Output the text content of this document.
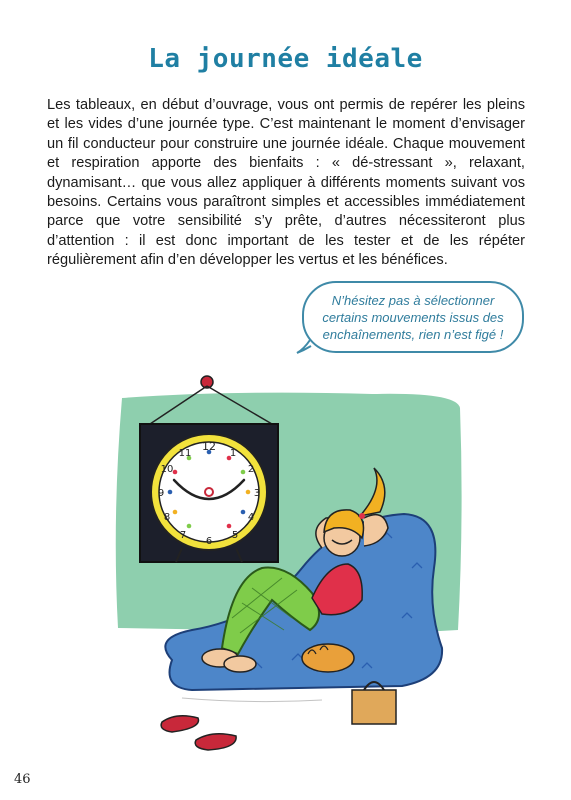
La journée idéale

Les tableaux, en début d’ouvrage, vous ont permis de repérer les pleins et les vides d’une journée type. C’est maintenant le moment d’envisager un fil conducteur pour construire une journée idéale. Chaque mouvement et respiration apporte des bienfaits : « dé-stressant », relaxant, dynamisant… que vous allez appliquer à différents moments suivant vos besoins. Certains vous paraîtront simples et accessibles immédiatement parce que votre sensibilité s’y prête, d’autres nécessiteront plus d’attention : il est donc important de les tester et de les répéter régulièrement afin d’en développer les vertus et les bénéfices.

N’hésitez pas à sélectionner certains mouvements issus des enchaînements, rien n’est figé !
12
1
2
3
4
5
6
7
8
9
10
11
46
